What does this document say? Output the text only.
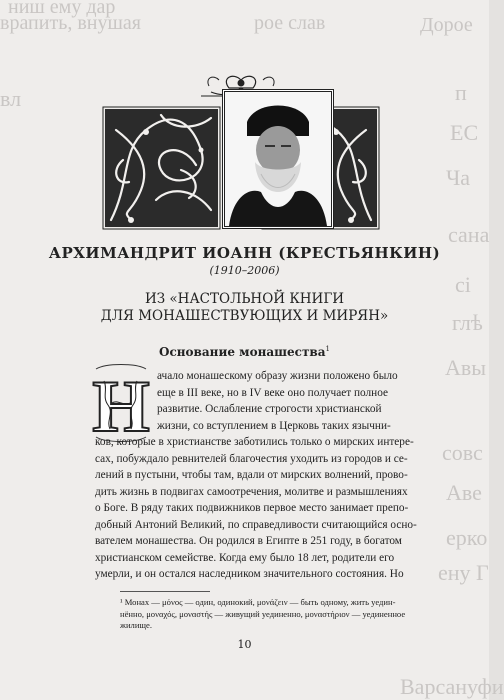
ниш ему дар
врапить, внушая	рое слав	Дорое
вл	п
ЕС
Ча
сана
сі
глѣ
Авы
совс
Аве
ерко
ену Г
Варсануфи
АРХИМАНДРИТ ИОАНН (КРЕСТЬЯНКИН)
(1910–2006)
ИЗ «НАСТОЛЬНОЙ КНИГИ
ДЛЯ МОНАШЕСТВУЮЩИХ И МИРЯН»
Основание монашества$^1$
Н ачало монашескому образу жизни положено было
еще в III веке, но в IV веке оно получает полное
развитие. Ослабление строгости христианской
жизни, со вступлением в Церковь таких язычни-
ков, которые в христианстве заботились только о мирских интере-
сах, побуждало ревнителей благочестия уходить из городов и се-
лений в пустыни, чтобы там, вдали от мирских волнений, прово-
дить жизнь в подвигах самоотречения, молитве и размышлениях
о Боге. В ряду таких подвижников первое место занимает препо-
добный Антоний Великий, по справедливости считающийся осно-
вателем монашества. Он родился в Египте в 251 году, в богатом
христианском семействе. Когда ему было 18 лет, родители его
умерли, и он остался наследником значительного состояния. Но
¹ Монах — μόνος — один, одинокий, μονάζειν — быть одному, жить уедин-
нённо, μοναχός, μοναστής — живущий уединенно, μοναστήριον — уединенное
жилище.
10
